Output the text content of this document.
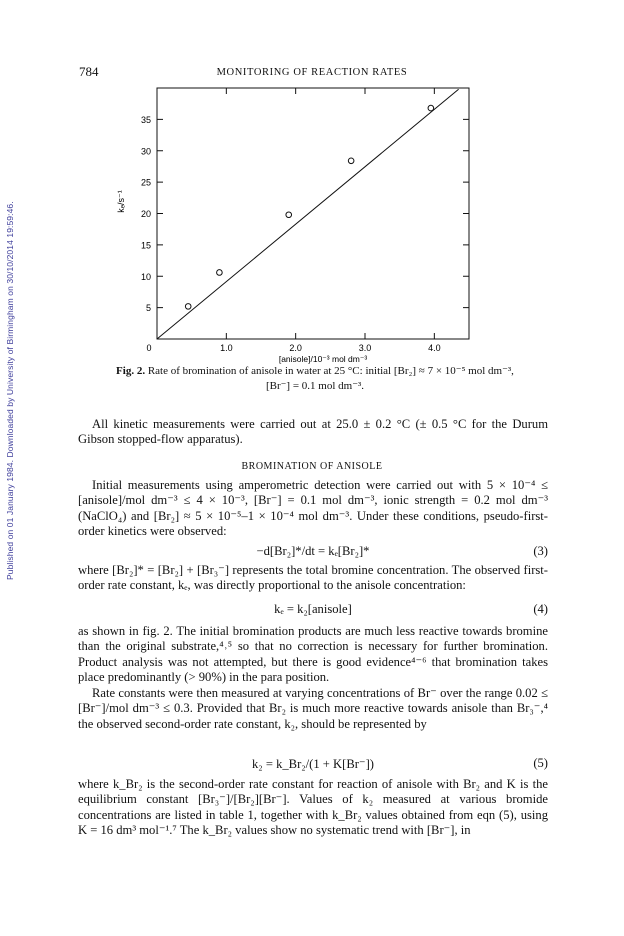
Published on 01 January 1984. Downloaded by University of Birmingham on 30/10/2014 19:59:46.
784	MONITORING OF REACTION RATES
0	1.0	2.0	3.0	4.0
5
10
15
20
25
30
35
[anisole]/10⁻³ mol dm⁻³
kₑ/s⁻¹
Fig. 2. Rate of bromination of anisole in water at 25 °C: initial [Br₂] ≈ 7 × 10⁻⁵ mol dm⁻³,
[Br⁻] = 0.1 mol dm⁻³.

All kinetic measurements were carried out at 25.0 ± 0.2 °C (± 0.5 °C for the Durum Gibson stopped-flow apparatus).

BROMINATION OF ANISOLE

Initial measurements using amperometric detection were carried out with 5 × 10⁻⁴ ≤ [anisole]/mol dm⁻³ ≤ 4 × 10⁻³, [Br⁻] = 0.1 mol dm⁻³, ionic strength = 0.2 mol dm⁻³ (NaClO₄) and [Br₂] ≈ 5 × 10⁻⁵–1 × 10⁻⁴ mol dm⁻³. Under these conditions, pseudo-first-order kinetics were observed:

−d[Br₂]*/dt = kₑ[Br₂]*	(3)

where [Br₂]* = [Br₂] + [Br₃⁻] represents the total bromine concentration. The observed first-order rate constant, kₑ, was directly proportional to the anisole concentration:

kₑ = k₂[anisole]	(4)

as shown in fig. 2. The initial bromination products are much less reactive towards bromine than the original substrate,⁴˒⁵ so that no correction is necessary for further bromination. Product analysis was not attempted, but there is good evidence⁴⁻⁶ that bromination takes place predominantly (> 90%) in the para position.

Rate constants were then measured at varying concentrations of Br⁻ over the range 0.02 ≤ [Br⁻]/mol dm⁻³ ≤ 0.3. Provided that Br₂ is much more reactive towards anisole than Br₃⁻,⁴ the observed second-order rate constant, k₂, should be represented by

k₂ = k_Br₂/(1 + K[Br⁻])	(5)

where k_Br₂ is the second-order rate constant for reaction of anisole with Br₂ and K is the equilibrium constant [Br₃⁻]/[Br₂][Br⁻]. Values of k₂ measured at various bromide concentrations are listed in table 1, together with k_Br₂ values obtained from eqn (5), using K = 16 dm³ mol⁻¹.⁷ The k_Br₂ values show no systematic trend with [Br⁻], in
